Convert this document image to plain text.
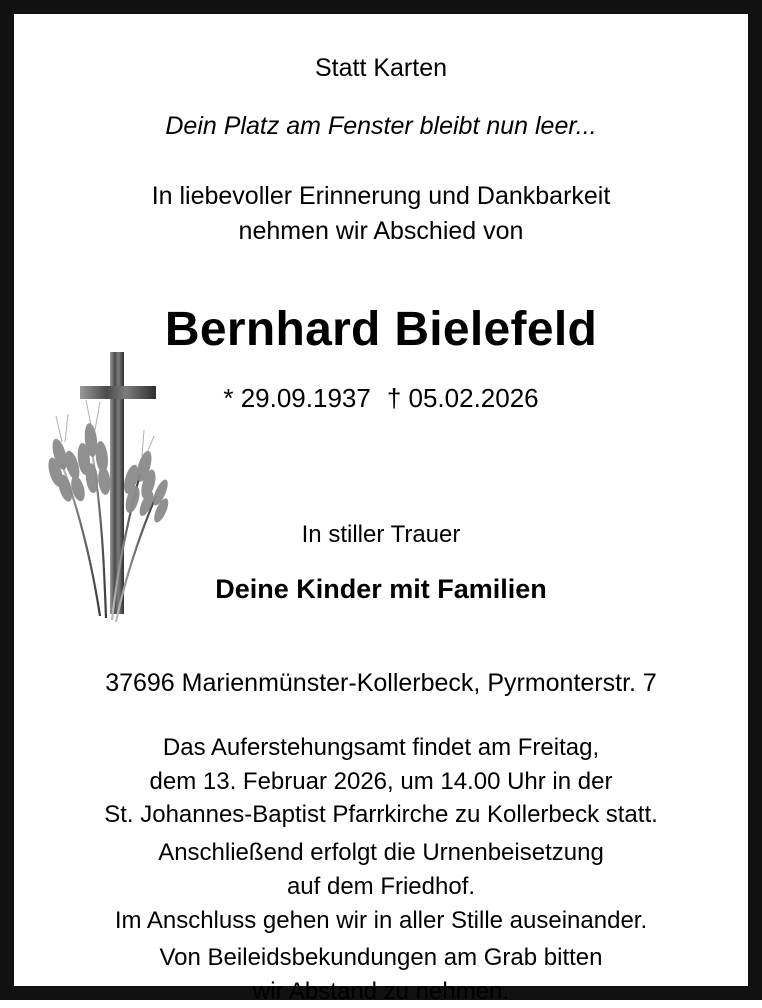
Statt Karten
Dein Platz am Fenster bleibt nun leer...
In liebevoller Erinnerung und Dankbarkeit
nehmen wir Abschied von
Bernhard Bielefeld
* 29.09.1937 † 05.02.2026
In stiller Trauer
Deine Kinder mit Familien
37696 Marienmünster-Kollerbeck, Pyrmonterstr. 7
Das Auferstehungsamt findet am Freitag,
dem 13. Februar 2026, um 14.00 Uhr in der
St. Johannes-Baptist Pfarrkirche zu Kollerbeck statt.
Anschließend erfolgt die Urnenbeisetzung
auf dem Friedhof.
Im Anschluss gehen wir in aller Stille auseinander.
Von Beileidsbekundungen am Grab bitten
wir Abstand zu nehmen.
